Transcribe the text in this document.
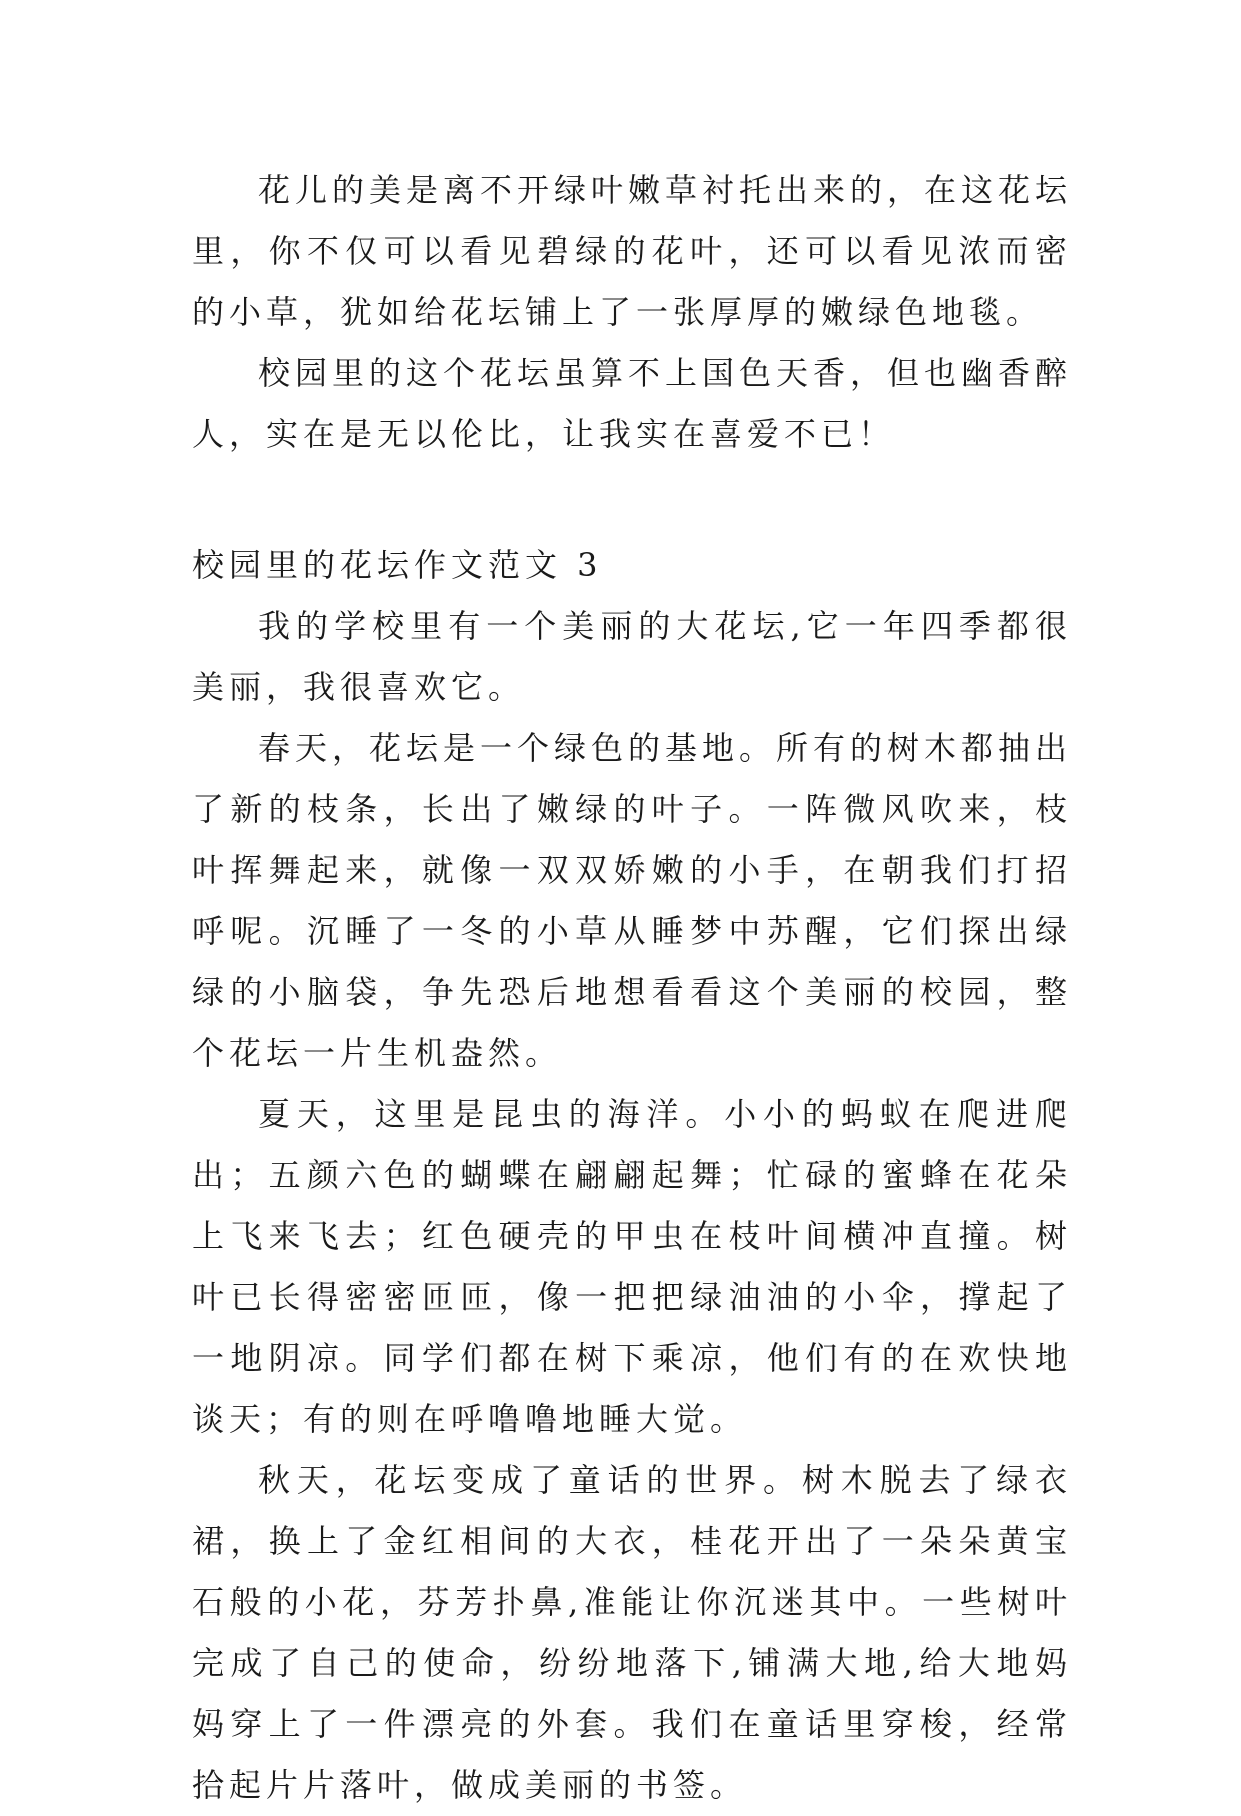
花儿的美是离不开绿叶嫩草衬托出来的，在这花坛里，你不仅可以看见碧绿的花叶，还可以看见浓而密的小草，犹如给花坛铺上了一张厚厚的嫩绿色地毯。

校园里的这个花坛虽算不上国色天香，但也幽香醉人，实在是无以伦比，让我实在喜爱不已！

校园里的花坛作文范文 3

我的学校里有一个美丽的大花坛,它一年四季都很美丽，我很喜欢它。

春天，花坛是一个绿色的基地。所有的树木都抽出了新的枝条，长出了嫩绿的叶子。一阵微风吹来，枝叶挥舞起来，就像一双双娇嫩的小手，在朝我们打招呼呢。沉睡了一冬的小草从睡梦中苏醒，它们探出绿绿的小脑袋，争先恐后地想看看这个美丽的校园，整个花坛一片生机盎然。

夏天，这里是昆虫的海洋。小小的蚂蚁在爬进爬出；五颜六色的蝴蝶在翩翩起舞；忙碌的蜜蜂在花朵上飞来飞去；红色硬壳的甲虫在枝叶间横冲直撞。树叶已长得密密匝匝，像一把把绿油油的小伞，撑起了一地阴凉。同学们都在树下乘凉，他们有的在欢快地谈天；有的则在呼噜噜地睡大觉。

秋天，花坛变成了童话的世界。树木脱去了绿衣裙，换上了金红相间的大衣，桂花开出了一朵朵黄宝石般的小花，芬芳扑鼻,准能让你沉迷其中。一些树叶完成了自己的使命，纷纷地落下,铺满大地,给大地妈妈穿上了一件漂亮的外套。我们在童话里穿梭，经常拾起片片落叶，做成美丽的书签。
